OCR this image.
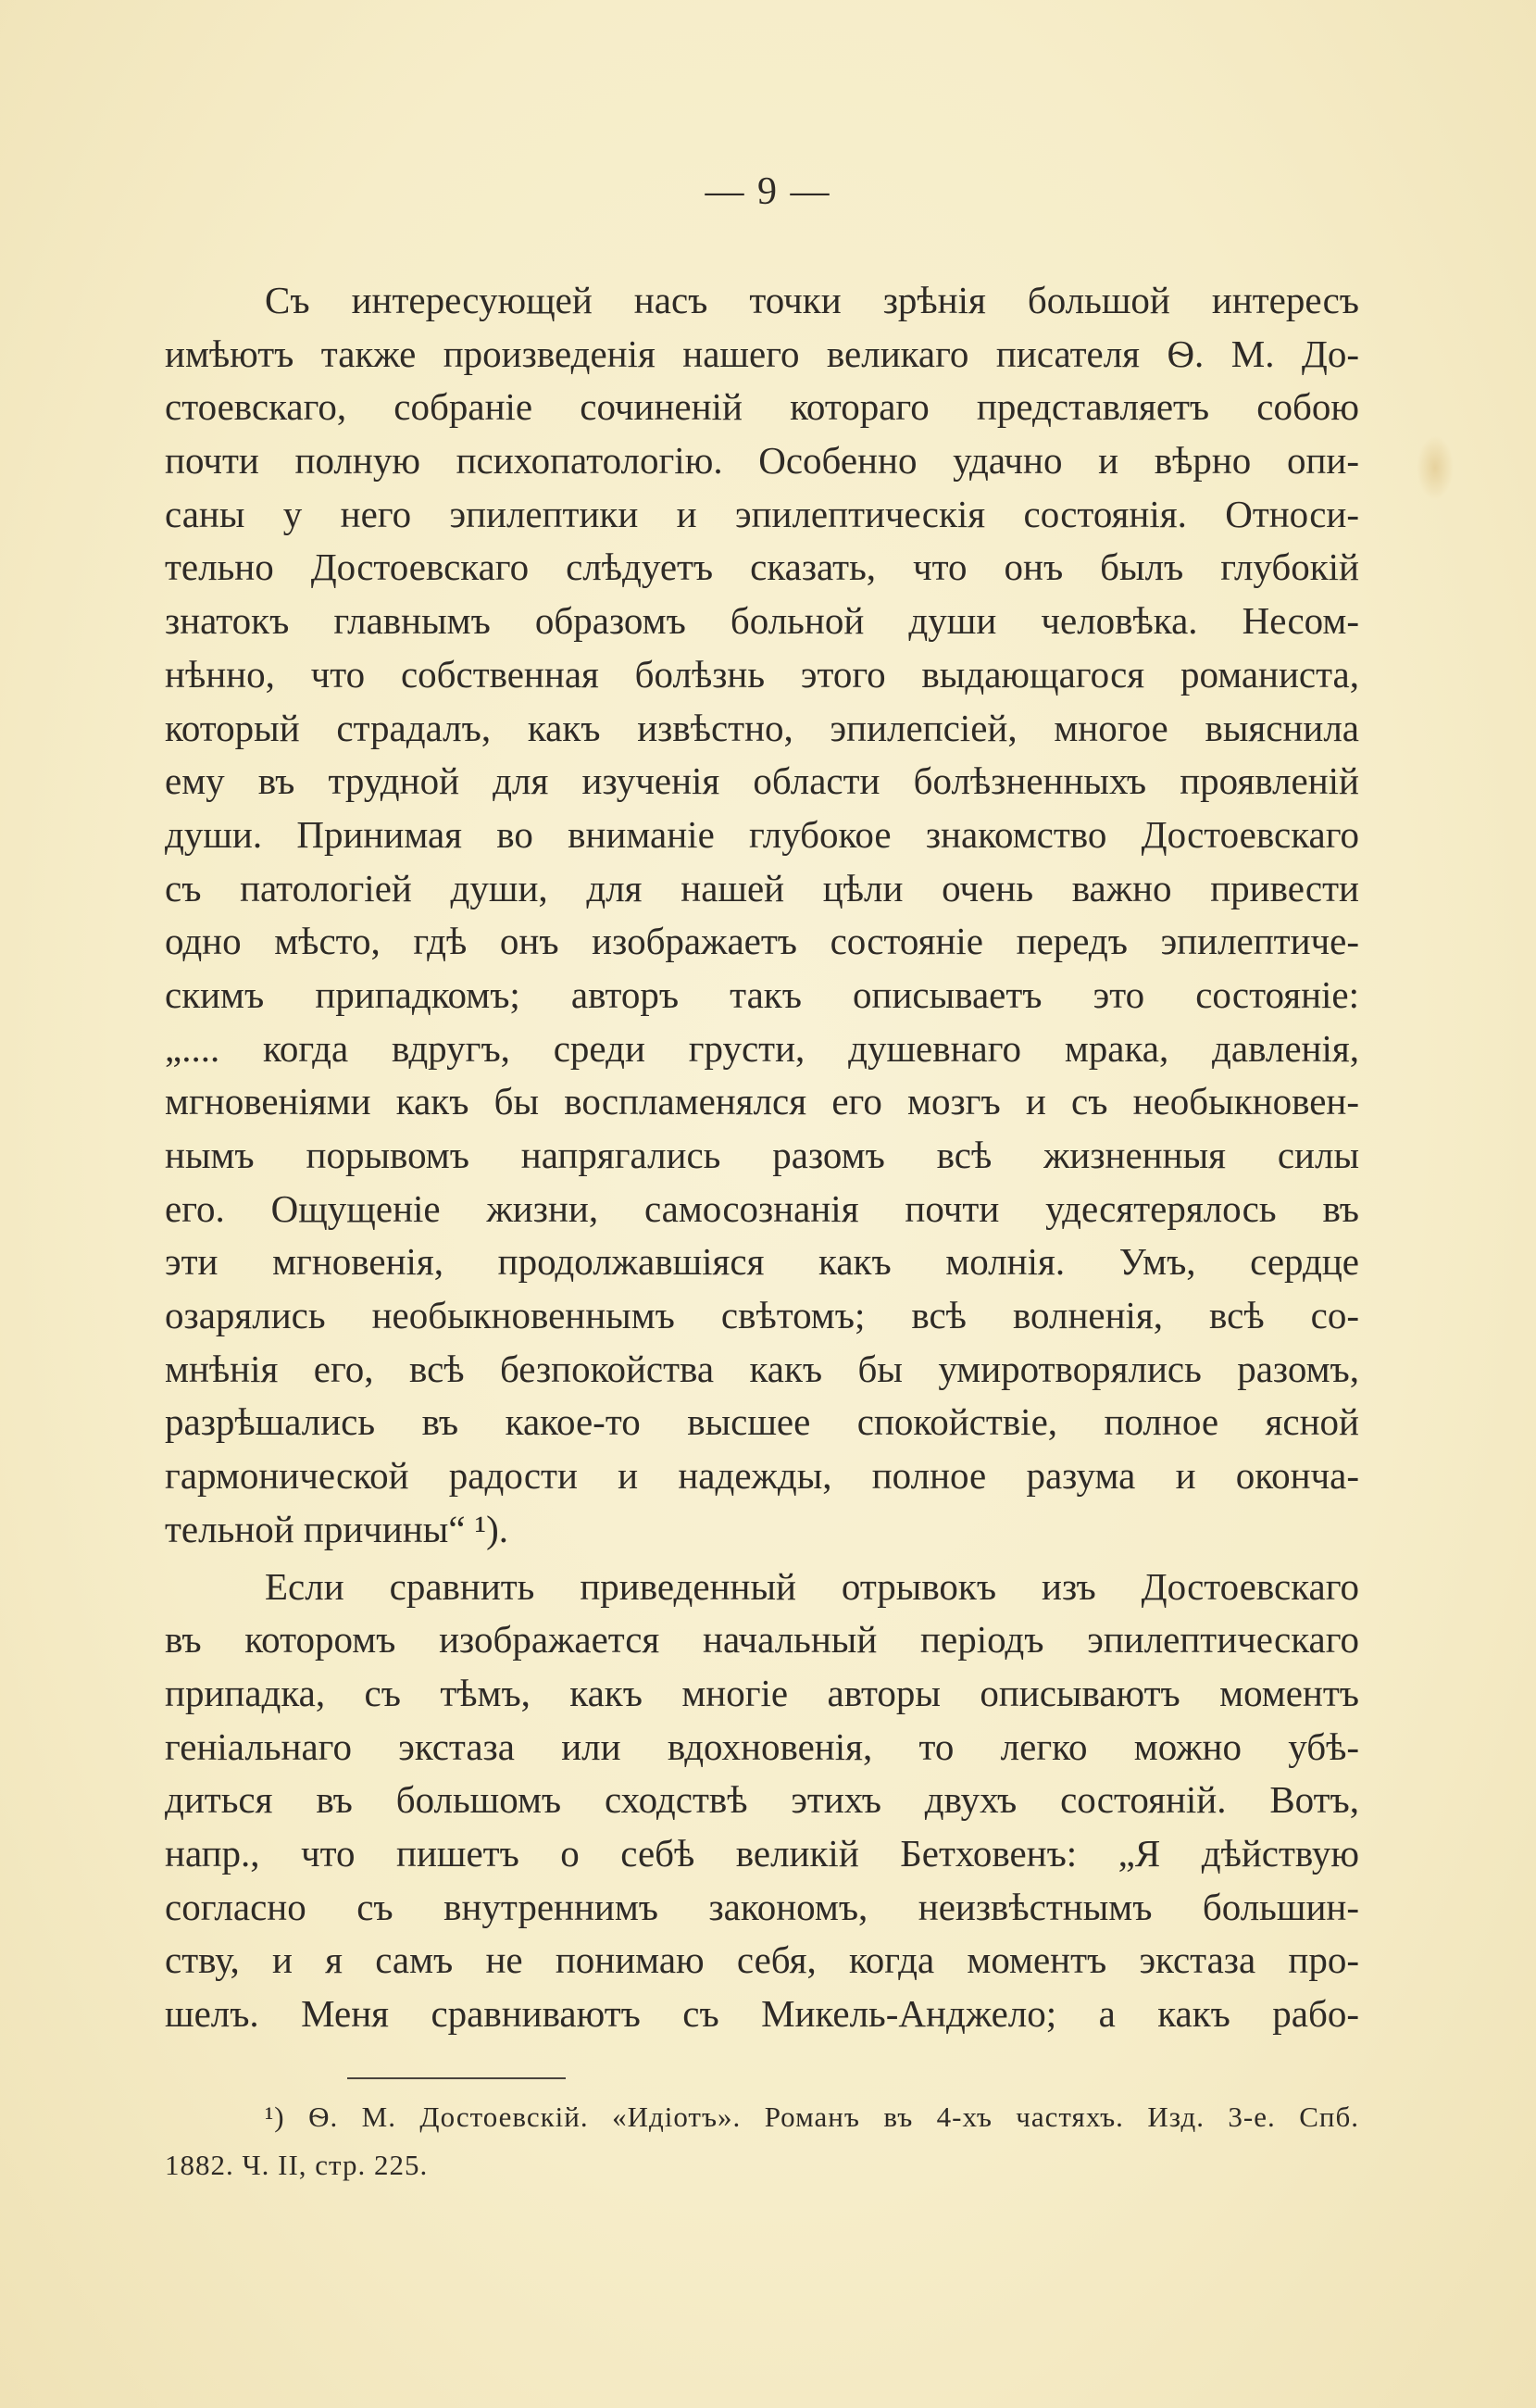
— 9 —
Съ интересующей насъ точки зрѣнія большой интересъ
имѣютъ также произведенія нашего великаго писателя Ѳ. М. До-
стоевскаго, собраніе сочиненій котораго представляетъ собою
почти полную психопатологію. Особенно удачно и вѣрно опи-
саны у него эпилептики и эпилептическія состоянія. Относи-
тельно Достоевскаго слѣдуетъ сказать, что онъ былъ глубокій
знатокъ главнымъ образомъ больной души человѣка. Несом-
нѣнно, что собственная болѣзнь этого выдающагося романиста,
который страдалъ, какъ извѣстно, эпилепсіей, многое выяснила
ему въ трудной для изученія области болѣзненныхъ проявленій
души. Принимая во вниманіе глубокое знакомство Достоевскаго
съ патологіей души, для нашей цѣли очень важно привести
одно мѣсто, гдѣ онъ изображаетъ состояніе передъ эпилептиче-
скимъ припадкомъ; авторъ такъ описываетъ это состояніе:
„.... когда вдругъ, среди грусти, душевнаго мрака, давленія,
мгновеніями какъ бы воспламенялся его мозгъ и съ необыкновен-
нымъ порывомъ напрягались разомъ всѣ жизненныя силы
его. Ощущеніе жизни, самосознанія почти удесятерялось въ
эти мгновенія, продолжавшіяся какъ молнія. Умъ, сердце
озарялись необыкновеннымъ свѣтомъ; всѣ волненія, всѣ со-
мнѣнія его, всѣ безпокойства какъ бы умиротворялись разомъ,
разрѣшались въ какое-то высшее спокойствіе, полное ясной
гармонической радости и надежды, полное разума и оконча-
тельной причины“ ¹).
Если сравнить приведенный отрывокъ изъ Достоевскаго
въ которомъ изображается начальный періодъ эпилептическаго
припадка, съ тѣмъ, какъ многіе авторы описываютъ моментъ
геніальнаго экстаза или вдохновенія, то легко можно убѣ-
диться въ большомъ сходствѣ этихъ двухъ состояній. Вотъ,
напр., что пишетъ о себѣ великій Бетховенъ: „Я дѣйствую
согласно съ внутреннимъ закономъ, неизвѣстнымъ большин-
ству, и я самъ не понимаю себя, когда моментъ экстаза про-
шелъ. Меня сравниваютъ съ Микель-Анджело; а какъ рабо-
¹) Ѳ. М. Достоевскій. «Идіотъ». Романъ въ 4-хъ частяхъ. Изд. 3-е. Спб.
1882. Ч. II, стр. 225.
